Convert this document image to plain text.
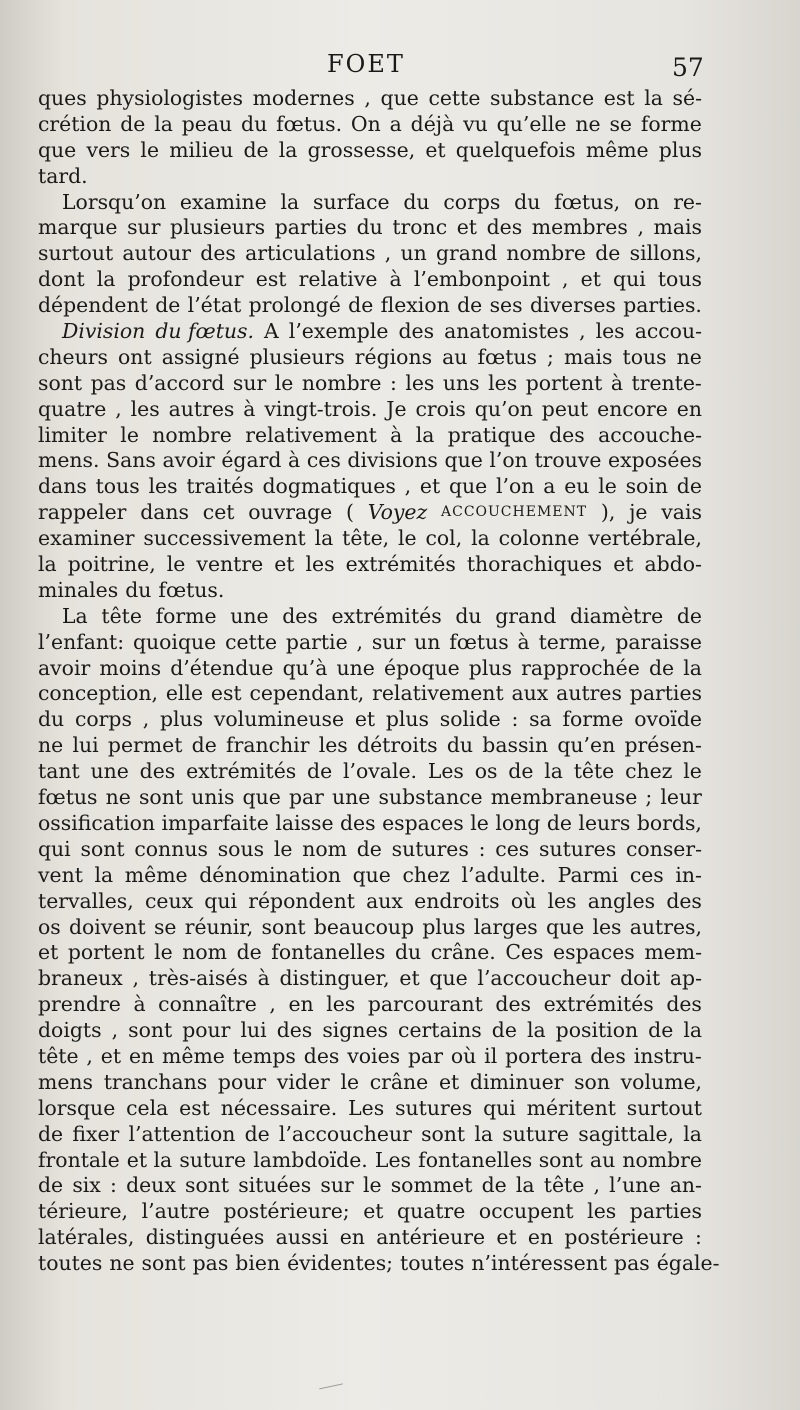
FOET	57
ques physiologistes modernes , que cette substance est la sé-
crétion de la peau du fœtus. On a déjà vu qu’elle ne se forme
que vers le milieu de la grossesse, et quelquefois même plus
tard.
Lorsqu’on examine la surface du corps du fœtus, on re-
marque sur plusieurs parties du tronc et des membres , mais
surtout autour des articulations , un grand nombre de sillons,
dont la profondeur est relative à l’embonpoint , et qui tous
dépendent de l’état prolongé de flexion de ses diverses parties.
Division du fœtus. A l’exemple des anatomistes , les accou-
cheurs ont assigné plusieurs régions au fœtus ; mais tous ne
sont pas d’accord sur le nombre : les uns les portent à trente-
quatre , les autres à vingt-trois. Je crois qu’on peut encore en
limiter le nombre relativement à la pratique des accouche-
mens. Sans avoir égard à ces divisions que l’on trouve exposées
dans tous les traités dogmatiques , et que l’on a eu le soin de
rappeler dans cet ouvrage ( Voyez ACCOUCHEMENT ), je vais
examiner successivement la tête, le col, la colonne vertébrale,
la poitrine, le ventre et les extrémités thorachiques et abdo-
minales du fœtus.
La tête forme une des extrémités du grand diamètre de
l’enfant: quoique cette partie , sur un fœtus à terme, paraisse
avoir moins d’étendue qu’à une époque plus rapprochée de la
conception, elle est cependant, relativement aux autres parties
du corps , plus volumineuse et plus solide : sa forme ovoïde
ne lui permet de franchir les détroits du bassin qu’en présen-
tant une des extrémités de l’ovale. Les os de la tête chez le
fœtus ne sont unis que par une substance membraneuse ; leur
ossification imparfaite laisse des espaces le long de leurs bords,
qui sont connus sous le nom de sutures : ces sutures conser-
vent la même dénomination que chez l’adulte. Parmi ces in-
tervalles, ceux qui répondent aux endroits où les angles des
os doivent se réunir, sont beaucoup plus larges que les autres,
et portent le nom de fontanelles du crâne. Ces espaces mem-
braneux , très-aisés à distinguer, et que l’accoucheur doit ap-
prendre à connaître , en les parcourant des extrémités des
doigts , sont pour lui des signes certains de la position de la
tête , et en même temps des voies par où il portera des instru-
mens tranchans pour vider le crâne et diminuer son volume,
lorsque cela est nécessaire. Les sutures qui méritent surtout
de fixer l’attention de l’accoucheur sont la suture sagittale, la
frontale et la suture lambdoïde. Les fontanelles sont au nombre
de six : deux sont situées sur le sommet de la tête , l’une an-
térieure, l’autre postérieure; et quatre occupent les parties
latérales, distinguées aussi en antérieure et en postérieure :
toutes ne sont pas bien évidentes; toutes n’intéressent pas égale-
